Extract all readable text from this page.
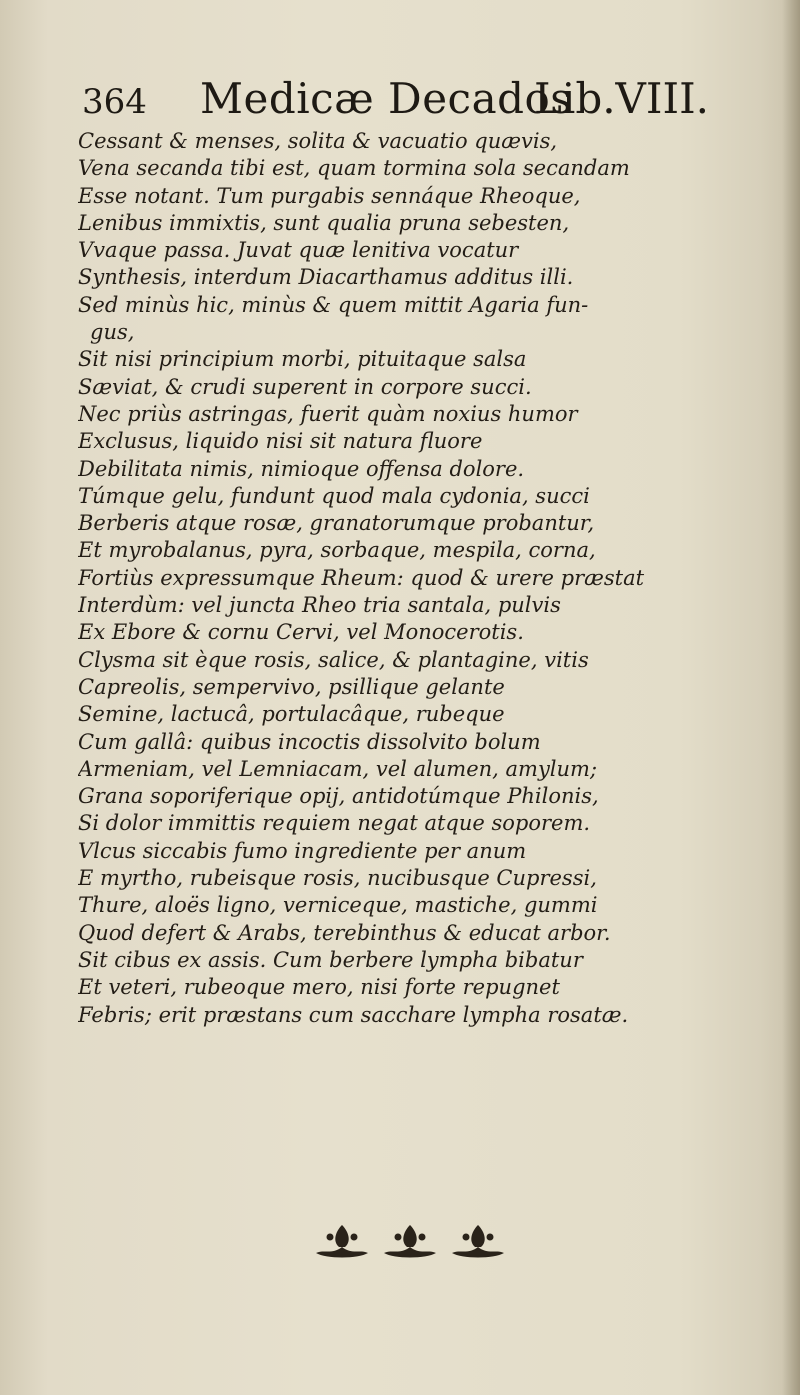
364 Medicæ Decados
Lib.VIII.
Cessant & menses, solita & vacuatio quævis,
Vena secanda tibi est, quam tormina sola secandam
Esse notant. Tum purgabis sennáque Rheoque,
Lenibus immixtis, sunt qualia pruna sebesten,
Vvaque passa. Juvat quæ lenitiva vocatur
Synthesis, interdum Diacarthamus additus illi.
Sed minùs hic, minùs & quem mittit Agaria fun-
gus,
Sit nisi principium morbi, pituitaque salsa
Sæviat, & crudi superent in corpore succi.
Nec priùs astringas, fuerit quàm noxius humor
Exclusus, liquido nisi sit natura fluore
Debilitata nimis, nimioque offensa dolore.
Túmque gelu, fundunt quod mala cydonia, succi
Berberis atque rosæ, granatorumque probantur,
Et myrobalanus, pyra, sorbaque, mespila, corna,
Fortiùs expressumque Rheum: quod & urere præstat
Interdùm: vel juncta Rheo tria santala, pulvis
Ex Ebore & cornu Cervi, vel Monocerotis.
Clysma sit èque rosis, salice, & plantagine, vitis
Capreolis, sempervivo, psillique gelante
Semine, lactucâ, portulacâque, rubeque
Cum gallâ: quibus incoctis dissolvito bolum
Armeniam, vel Lemniacam, vel alumen, amylum;
Grana soporiferique opij, antidotúmque Philonis,
Si dolor immittis requiem negat atque soporem.
Vlcus siccabis fumo ingrediente per anum
E myrtho, rubeisque rosis, nucibusque Cupressi,
Thure, aloës ligno, verniceque, mastiche, gummi
Quod defert & Arabs, terebinthus & educat arbor.
Sit cibus ex assis. Cum berbere lympha bibatur
Et veteri, rubeoque mero, nisi forte repugnet
Febris; erit præstans cum sacchare lympha rosatæ.
